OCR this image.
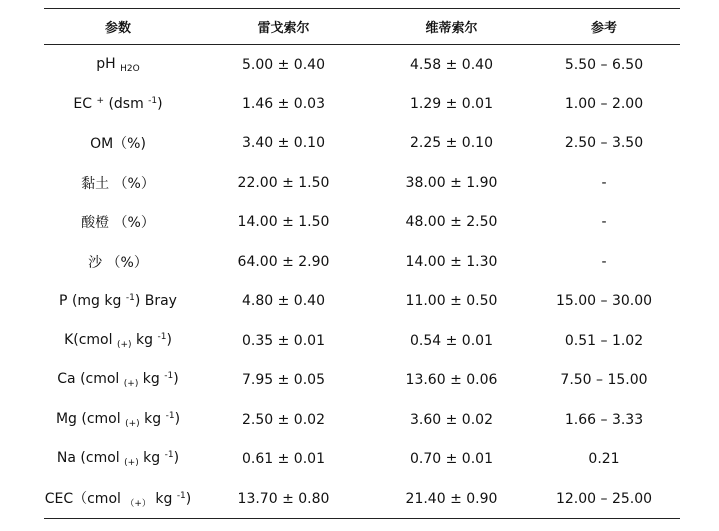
参数	雷戈索尔	维蒂索尔	参考
pH $_{H2O}$	5.00 ± 0.40	4.58 ± 0.40	5.50 – 6.50
EC + (dsm $^{-1}$)	1.46 ± 0.03	1.29 ± 0.01	1.00 – 2.00
OM（%)	3.40 ± 0.10	2.25 ± 0.10	2.50 – 3.50
黏土 （%）	22.00 ± 1.50	38.00 ± 1.90	-
酸橙 （%）	14.00 ± 1.50	48.00 ± 2.50	-
沙 （%）	64.00 ± 2.90	14.00 ± 1.30	-
P (mg kg $^{-1}$) Bray	4.80 ± 0.40	11.00 ± 0.50	15.00 – 30.00
K(cmol $_{(+)}$ kg $^{-1}$)	0.35 ± 0.01	0.54 ± 0.01	0.51 – 1.02
Ca (cmol $_{(+)}$ kg $^{-1}$)	7.95 ± 0.05	13.60 ± 0.06	7.50 – 15.00
Mg (cmol $_{(+)}$ kg $^{-1}$)	2.50 ± 0.02	3.60 ± 0.02	1.66 – 3.33
Na (cmol $_{(+)}$ kg $^{-1}$)	0.61 ± 0.01	0.70 ± 0.01	0.21
CEC（cmol $_{(+)}$ kg $^{-1}$)	13.70 ± 0.80	21.40 ± 0.90	12.00 – 25.00
